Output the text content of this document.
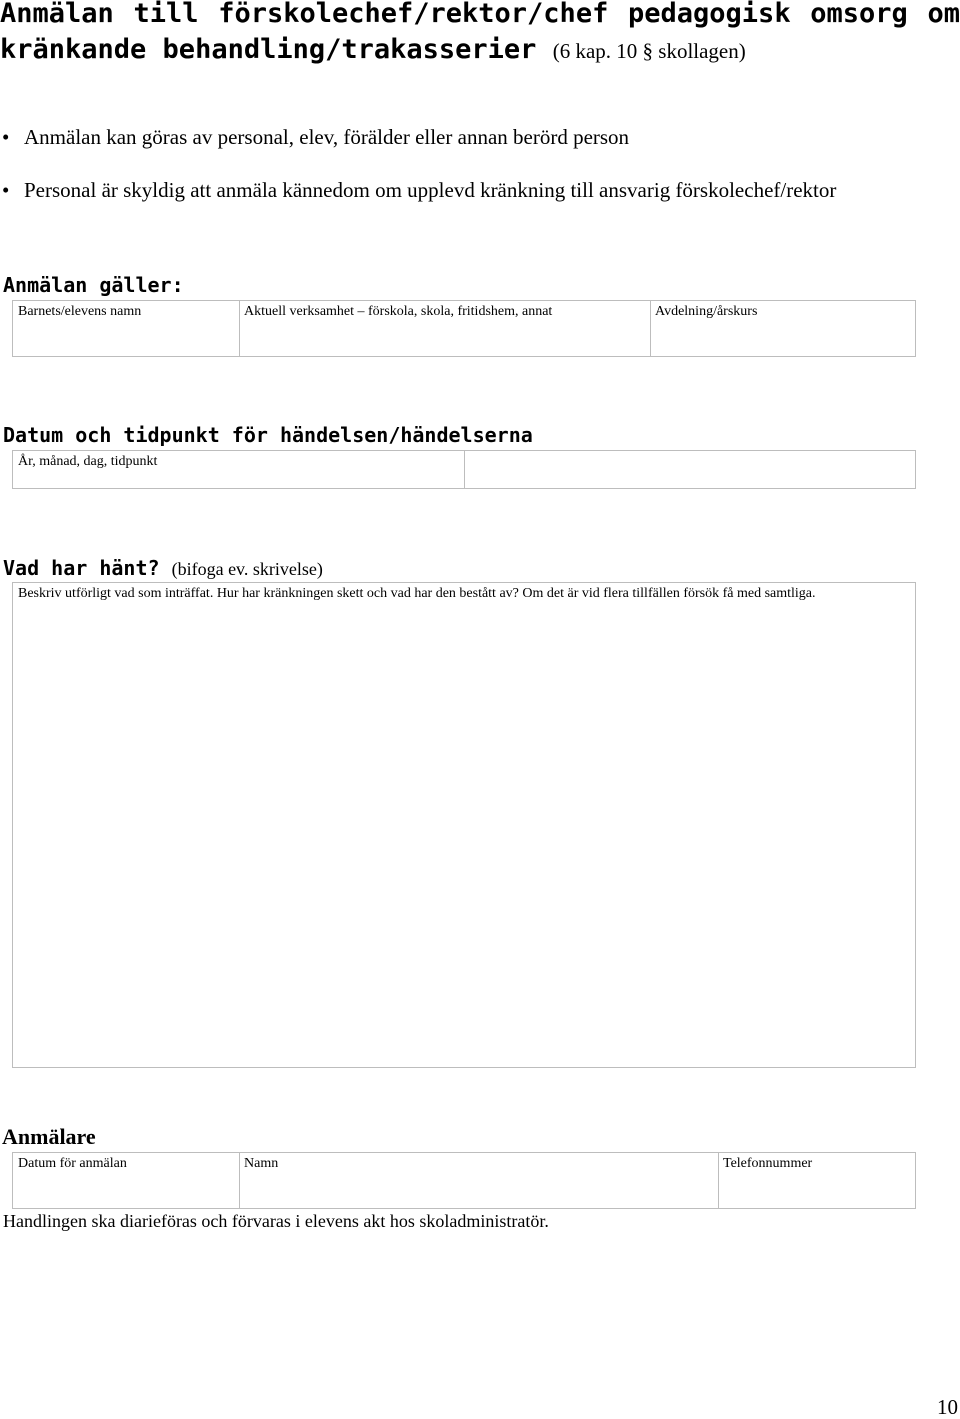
Anmälan till förskolechef/rektor/chef pedagogisk omsorg om
kränkande behandling/trakasserier (6 kap. 10 § skollagen)
• Anmälan kan göras av personal, elev, förälder eller annan berörd person
• Personal är skyldig att anmäla kännedom om upplevd kränkning till ansvarig förskolechef/rektor
Anmälan gäller:
Barnets/elevens namn	Aktuell verksamhet – förskola, skola, fritidshem, annat	Avdelning/årskurs
Datum och tidpunkt för händelsen/händelserna
År, månad, dag, tidpunkt
Vad har hänt? (bifoga ev. skrivelse)
Beskriv utförligt vad som inträffat. Hur har kränkningen skett och vad har den bestått av? Om det är vid flera tillfällen försök få med samtliga.
Anmälare
Datum för anmälan	Namn	Telefonnummer
Handlingen ska diarieföras och förvaras i elevens akt hos skoladministratör.
10
